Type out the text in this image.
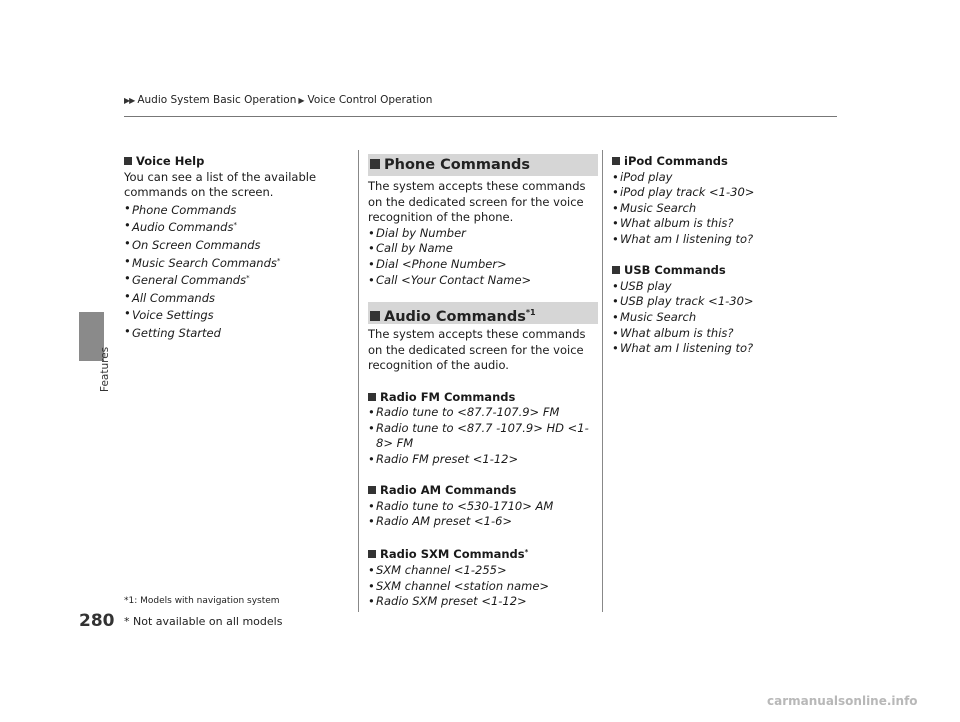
▶▶ Audio System Basic Operation ▶ Voice Control Operation
Features
280
Voice Help
You can see a list of the available commands on the screen.
• Phone Commands
• Audio Commands*
• On Screen Commands
• Music Search Commands*
• General Commands*
• All Commands
• Voice Settings
• Getting Started
Phone Commands
The system accepts these commands on the dedicated screen for the voice recognition of the phone.
• Dial by Number
• Call by Name
• Dial <Phone Number>
• Call <Your Contact Name>
Audio Commands$^{*1}$
The system accepts these commands on the dedicated screen for the voice recognition of the audio.
Radio FM Commands
• Radio tune to <87.7-107.9> FM
• Radio tune to <87.7 -107.9> HD <1-8> FM
• Radio FM preset <1-12>
Radio AM Commands
• Radio tune to <530-1710> AM
• Radio AM preset <1-6>
Radio SXM Commands*
• SXM channel <1-255>
• SXM channel <station name>
• Radio SXM preset <1-12>
iPod Commands
• iPod play
• iPod play track <1-30>
• Music Search
• What album is this?
• What am I listening to?
USB Commands
• USB play
• USB play track <1-30>
• Music Search
• What album is this?
• What am I listening to?
*1: Models with navigation system
* Not available on all models
carmanualsonline.info
